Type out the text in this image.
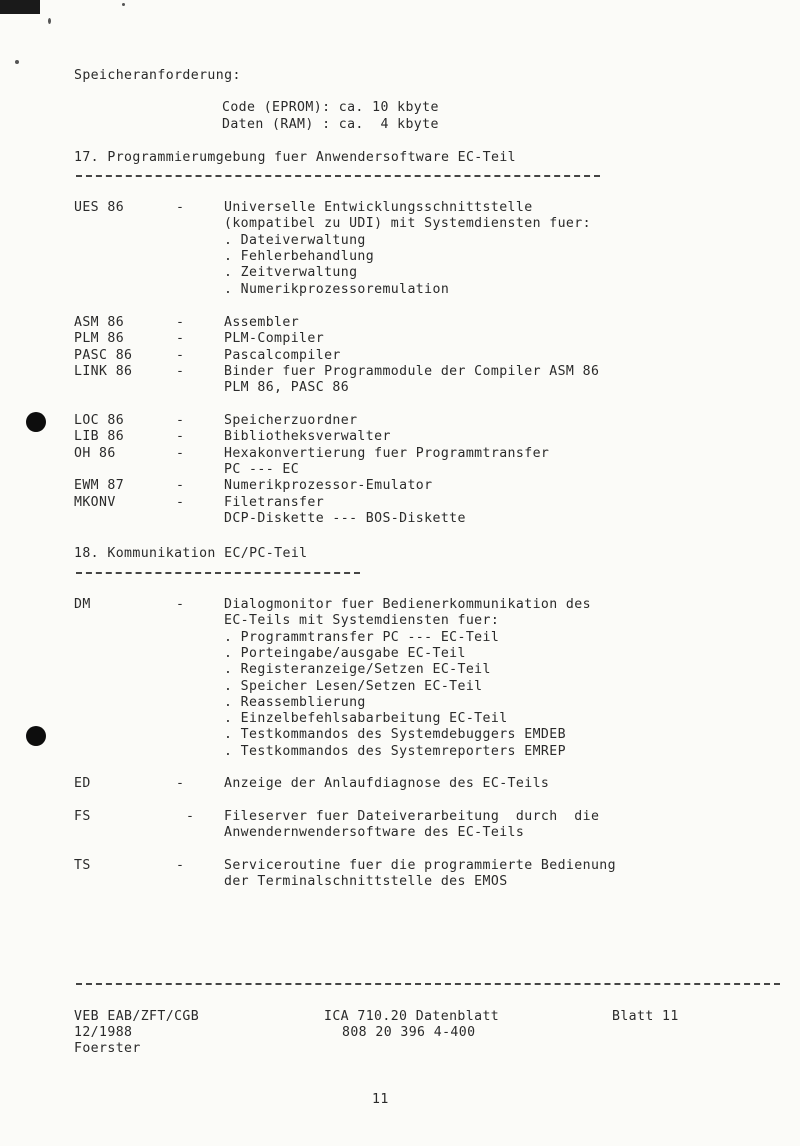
Speicheranforderung:
Code (EPROM): ca. 10 kbyte
Daten (RAM) : ca.  4 kbyte
17. Programmierumgebung fuer Anwendersoftware EC-Teil
UES 86	-	Universelle Entwicklungsschnittstelle
(kompatibel zu UDI) mit Systemdiensten fuer:
. Dateiverwaltung
. Fehlerbehandlung
. Zeitverwaltung
. Numerikprozessoremulation
ASM 86	-	Assembler
PLM 86	-	PLM-Compiler
PASC 86	-	Pascalcompiler
LINK 86	-	Binder fuer Programmodule der Compiler ASM 86
PLM 86, PASC 86
LOC 86	-	Speicherzuordner
LIB 86	-	Bibliotheksverwalter
OH 86	-	Hexakonvertierung fuer Programmtransfer
PC --- EC
EWM 87	-	Numerikprozessor-Emulator
MKONV	-	Filetransfer
DCP-Diskette --- BOS-Diskette
18. Kommunikation EC/PC-Teil
DM	-	Dialogmonitor fuer Bedienerkommunikation des
EC-Teils mit Systemdiensten fuer:
. Programmtransfer PC --- EC-Teil
. Porteingabe/ausgabe EC-Teil
. Registeranzeige/Setzen EC-Teil
. Speicher Lesen/Setzen EC-Teil
. Reassemblierung
. Einzelbefehlsabarbeitung EC-Teil
. Testkommandos des Systemdebuggers EMDEB
. Testkommandos des Systemreporters EMREP
ED	-	Anzeige der Anlaufdiagnose des EC-Teils
FS	- Fileserver fuer Dateiverarbeitung  durch  die
Anwendernwendersoftware des EC-Teils
TS	-	Serviceroutine fuer die programmierte Bedienung
der Terminalschnittstelle des EMOS
VEB EAB/ZFT/CGB
12/1988
Foerster
ICA 710.20 Datenblatt
808 20 396 4-400
Blatt 11
11
